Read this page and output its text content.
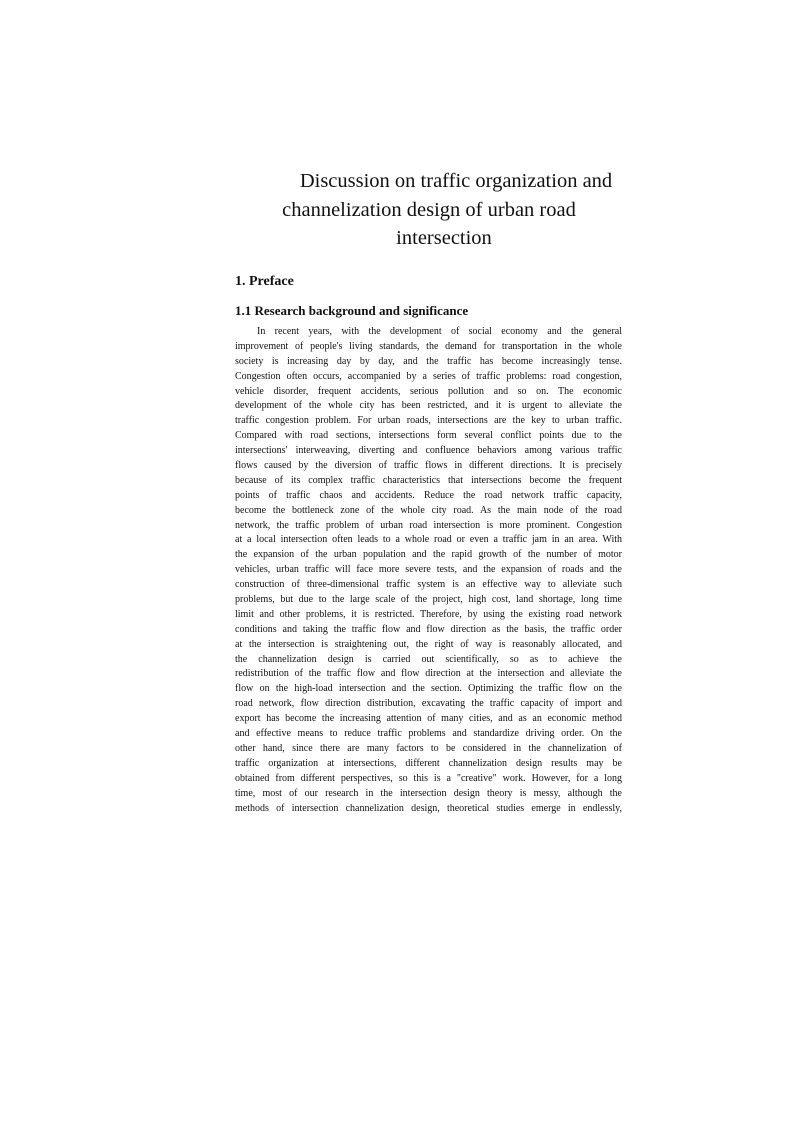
Discussion on traffic organization and
channelization design of urban road
intersection
1. Preface
1.1 Research background and significance
In recent years, with the development of social economy and the general
improvement of people's living standards, the demand for transportation in the whole
society is increasing day by day, and the traffic has become increasingly tense.
Congestion often occurs, accompanied by a series of traffic problems: road congestion,
vehicle disorder, frequent accidents, serious pollution and so on. The economic
development of the whole city has been restricted, and it is urgent to alleviate the
traffic congestion problem. For urban roads, intersections are the key to urban traffic.
Compared with road sections, intersections form several conflict points due to the
intersections' interweaving, diverting and confluence behaviors among various traffic
flows caused by the diversion of traffic flows in different directions. It is precisely
because of its complex traffic characteristics that intersections become the frequent
points of traffic chaos and accidents. Reduce the road network traffic capacity,
become the bottleneck zone of the whole city road. As the main node of the road
network, the traffic problem of urban road intersection is more prominent. Congestion
at a local intersection often leads to a whole road or even a traffic jam in an area. With
the expansion of the urban population and the rapid growth of the number of motor
vehicles, urban traffic will face more severe tests, and the expansion of roads and the
construction of three-dimensional traffic system is an effective way to alleviate such
problems, but due to the large scale of the project, high cost, land shortage, long time
limit and other problems, it is restricted. Therefore, by using the existing road network
conditions and taking the traffic flow and flow direction as the basis, the traffic order
at the intersection is straightening out, the right of way is reasonably allocated, and
the channelization design is carried out scientifically, so as to achieve the
redistribution of the traffic flow and flow direction at the intersection and alleviate the
flow on the high-load intersection and the section. Optimizing the traffic flow on the
road network, flow direction distribution, excavating the traffic capacity of import and
export has become the increasing attention of many cities, and as an economic method
and effective means to reduce traffic problems and standardize driving order. On the
other hand, since there are many factors to be considered in the channelization of
traffic organization at intersections, different channelization design results may be
obtained from different perspectives, so this is a "creative" work. However, for a long
time, most of our research in the intersection design theory is messy, although the
methods of intersection channelization design, theoretical studies emerge in endlessly,
